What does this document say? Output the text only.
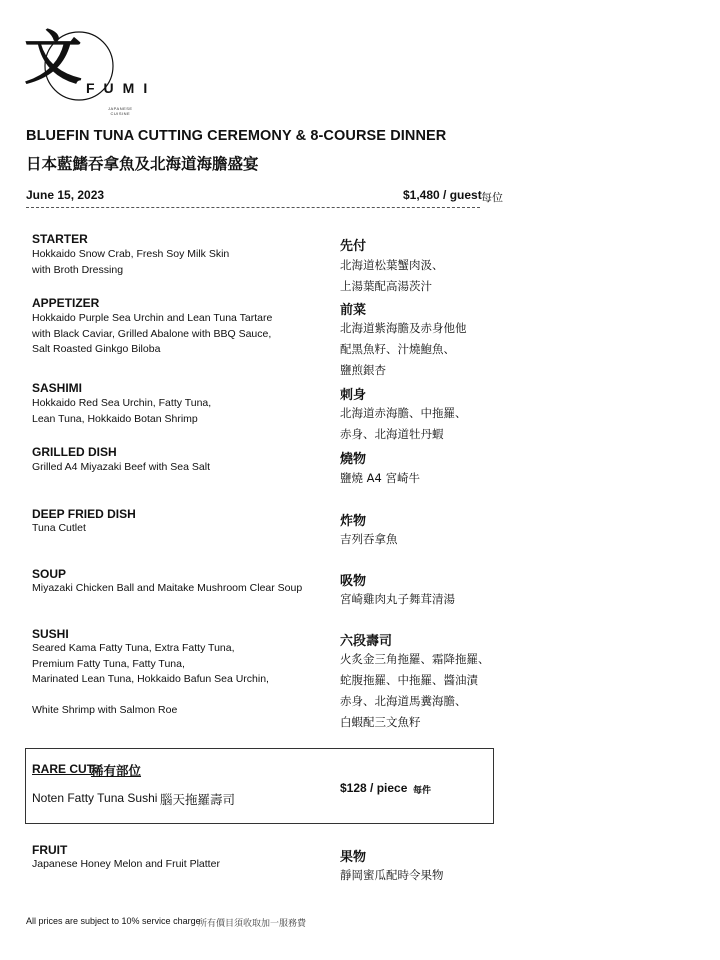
文 FUMI
JAPANESE
CUISINE
BLUEFIN TUNA CUTTING CEREMONY & 8-COURSE DINNER
日本藍鰭吞拿魚及北海道海膽盛宴
June 15, 2023	$1,480 / guest 每位
STARTER
Hokkaido Snow Crab, Fresh Soy Milk Skin
with Broth Dressing
先付
北海道松葉蟹肉汲、
上湯葉配高湯茨汁
APPETIZER
Hokkaido Purple Sea Urchin and Lean Tuna Tartare
with Black Caviar, Grilled Abalone with BBQ Sauce,
Salt Roasted Ginkgo Biloba
前菜
北海道紫海膽及赤身他他
配黑魚籽、汁燒鮑魚、
鹽煎銀杏
SASHIMI
Hokkaido Red Sea Urchin, Fatty Tuna,
Lean Tuna, Hokkaido Botan Shrimp
刺身
北海道赤海膽、中拖羅、
赤身、北海道牡丹蝦
GRILLED DISH
Grilled A4 Miyazaki Beef with Sea Salt	燒物
鹽燒 A4 宮崎牛
DEEP FRIED DISH
Tuna Cutlet	炸物
吉列吞拿魚
SOUP
Miyazaki Chicken Ball and Maitake Mushroom Clear Soup	吸物
宮崎雞肉丸子舞茸清湯
SUSHI
Seared Kama Fatty Tuna, Extra Fatty Tuna,
Premium Fatty Tuna, Fatty Tuna,
Marinated Lean Tuna, Hokkaido Bafun Sea Urchin,

White Shrimp with Salmon Roe
六段壽司
火炙金三角拖羅、霜降拖羅、
蛇腹拖羅、中拖羅、醬油漬
赤身、北海道馬糞海膽、
白蝦配三文魚籽
RARE CUT
稀有部位
Noten Fatty Tuna Sushi 腦天拖羅壽司
$128 / piece 每件
FRUIT
Japanese Honey Melon and Fruit Platter	果物
靜岡蜜瓜配時令果物
All prices are subject to 10% service charge
所有價目須收取加一服務費
